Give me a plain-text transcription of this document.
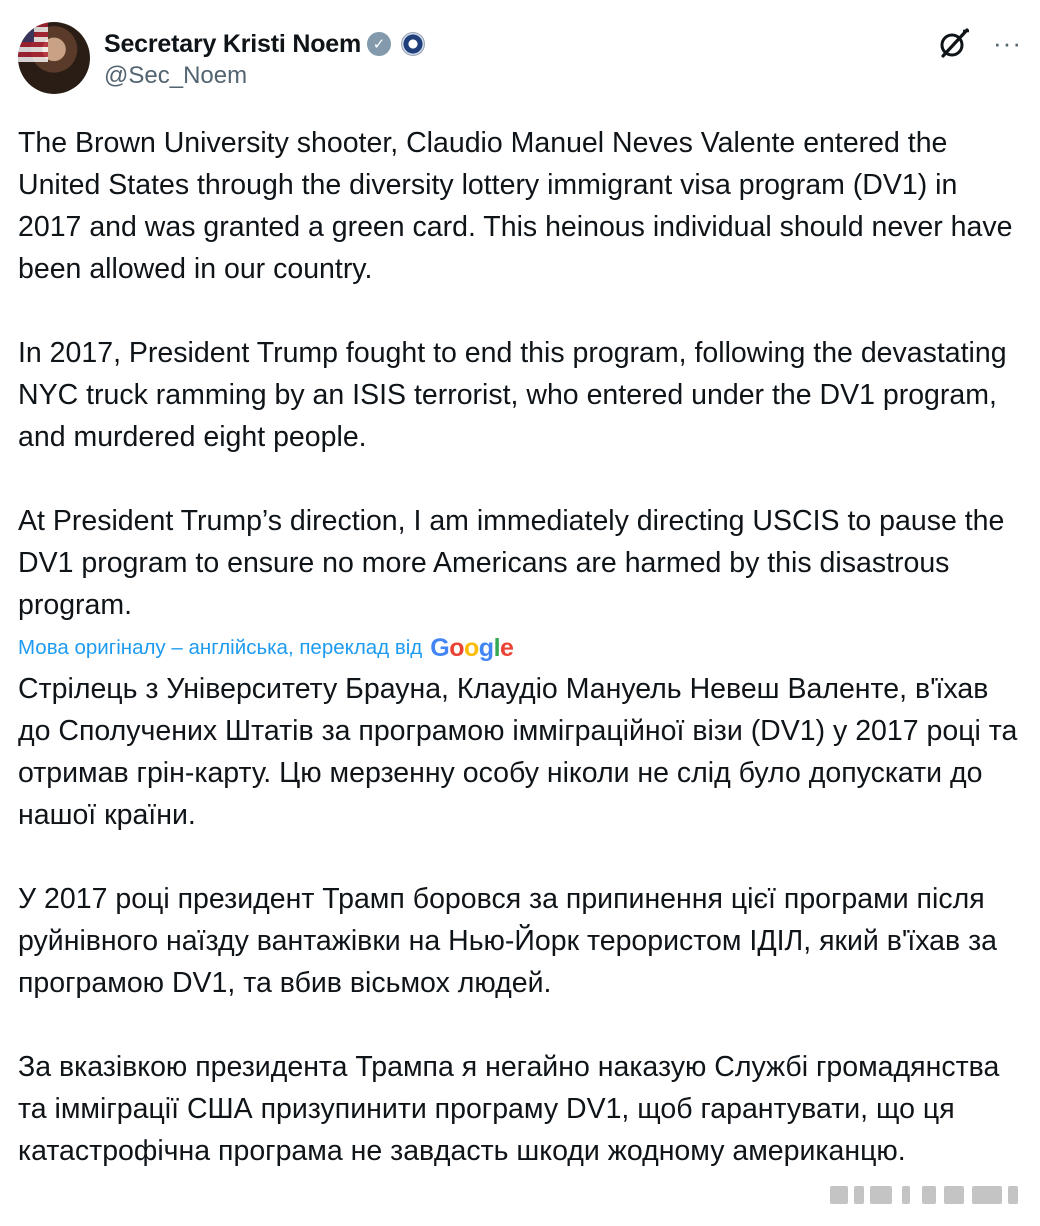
Secretary Kristi Noem ✓
@Sec_Noem
···

The Brown University shooter, Claudio Manuel Neves Valente entered the United States through the diversity lottery immigrant visa program (DV1) in 2017 and was granted a green card. This heinous individual should never have been allowed in our country.

In 2017, President Trump fought to end this program, following the devastating NYC truck ramming by an ISIS terrorist, who entered under the DV1 program, and murdered eight people.

At President Trump’s direction, I am immediately directing USCIS to pause the DV1 program to ensure no more Americans are harmed by this disastrous program.

Мова оригіналу – англійська, переклад від Google

Стрілець з Університету Брауна, Клаудіо Мануель Невеш Валенте, в'їхав до Сполучених Штатів за програмою імміграційної візи (DV1) у 2017 році та отримав грін-карту. Цю мерзенну особу ніколи не слід було допускати до нашої країни.

У 2017 році президент Трамп боровся за припинення цієї програми після руйнівного наїзду вантажівки на Нью-Йорк терористом ІДІЛ, який в'їхав за програмою DV1, та вбив вісьмох людей.

За вказівкою президента Трампа я негайно наказую Службі громадянства та імміграції США призупинити програму DV1, щоб гарантувати, що ця катастрофічна програма не завдасть шкоди жодному американцю.
